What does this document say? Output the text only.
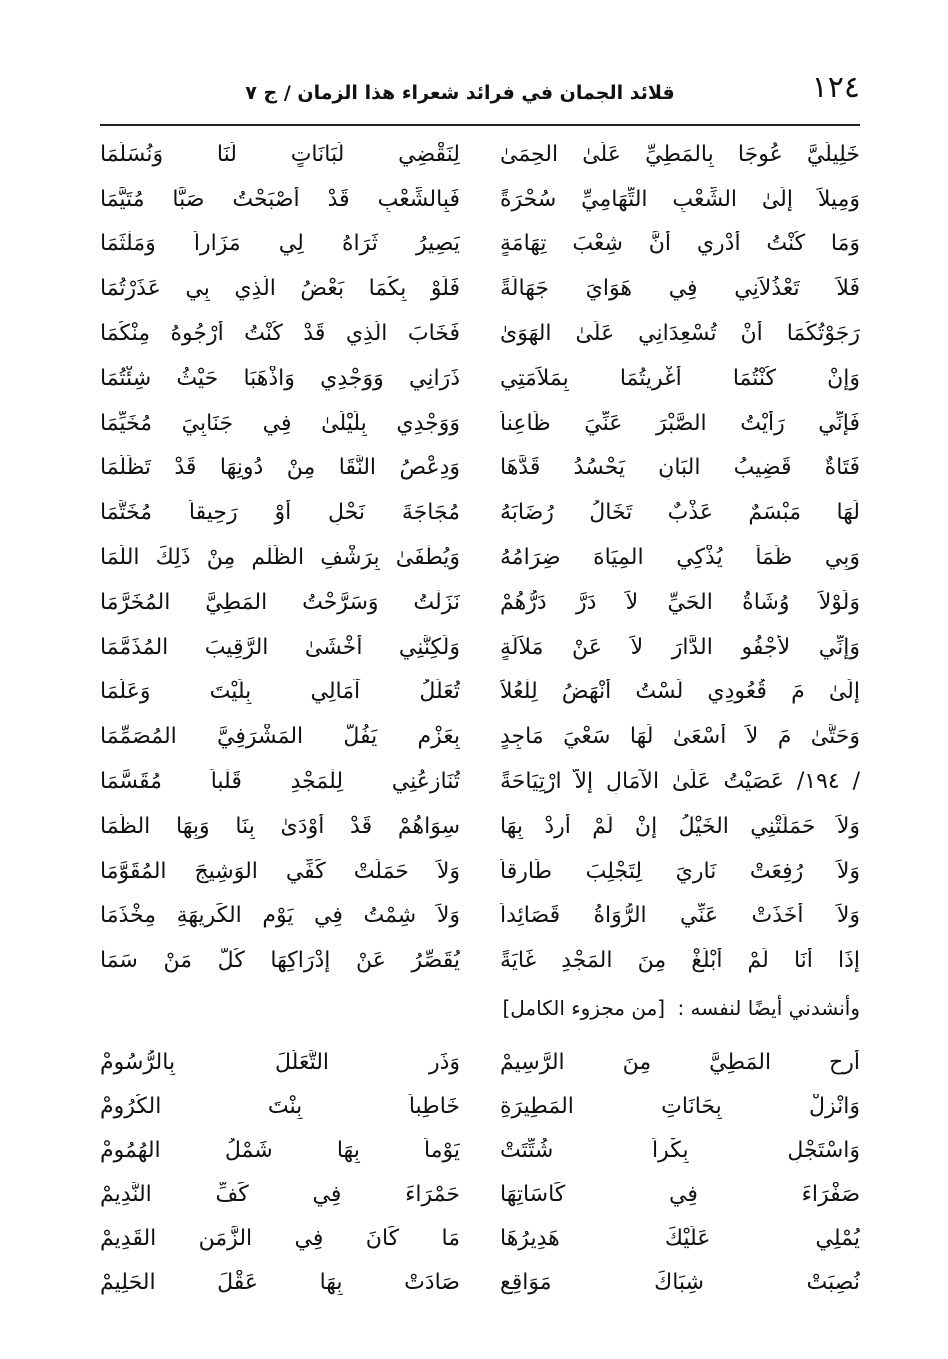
١٢٤
قلائد الجمان في فرائد شعراء هذا الزمان / ج ٧
خَلِيلَيَّ عُوجَا بِالمَطِيِّ عَلَىٰ الحِمَىٰ
لِنَقْضِي لُبَانَاتٍ لَنَا وَنُسَلِّمَا
وَمِيلاَ إِلَىٰ الشِّعْبِ التِّهَامِيِّ سُحْرَةً
فَبِالشِّعْبِ قَدْ أَصْبَحْتُ صَبًّا مُتَيَّمَا
وَمَا كُنْتُ أَدْرِي أَنَّ شِعْبَ تِهَامَةٍ
يَصِيرُ ثَرَاهُ لِي مَزَاراً وَمَلْثَمَا
فَلاَ تَعْذُلاَنِي فِي هَوَايَ جَهَالَةً
فَلَوْ بِكُمَا بَعْضُ الَّذِي بِي عَذَرْتُمَا
رَجَوْتُكُمَا أَنْ تُسْعِدَانِي عَلَىٰ الهَوَىٰ
فَخَابَ الَّذِي قَدْ كُنْتُ أَرْجُوهُ مِنْكُمَا
وَإِنْ كُنْتُمَا أُغْرِيتُمَا بِمَلاَمَتِي
ذَرَانِي وَوَجْدِي وَاذْهَبَا حَيْثُ شِئْتُمَا
فَإِنِّي رَأَيْتُ الصَّبْرَ عَنِّيَ ظَاعِناً
وَوَجْدِي بِلَيْلَىٰ فِي جَنَابِيَ مُخَيِّمَا
فَتَاةٌ قَضِيبُ البَانِ يَحْسُدُ قَدَّهَا
وَدِعْصُ النَّقَا مِنْ دُونِهَا قَدْ تَظَلَّمَا
لَهَا مَبْسَمٌ عَذْبٌ تَخَالُ رُضَابَهُ
مُجَاجَةَ نَحْلٍ أَوْ رَحِيقاً مُخَتَّمَا
وَبِي ظَمَأٌ يُذْكِي المِيَاهَ ضِرَامُهُ
وَيُطْفَىٰ بِرَشْفِ الظَّلْمِ مِنْ ذَلِكَ اللَّمَا
وَلَوْلاَ وُشَاةُ الحَيِّ لاَ دَرَّ دَرُّهُمْ
نَزَلْتُ وَسَرَّحْتُ المَطِيَّ المُخَرَّمَا
وَإِنِّي لأَجْفُو الدَّارَ لاَ عَنْ مَلاَلَةٍ
وَلَكِنَّنِي أَخْشَىٰ الرَّقِيبَ المُذَمَّمَا
إِلَىٰ مَ قُعُودِي لَسْتُ أَنْهَضُ لِلْعُلاَ
تُعَلِّلُ آمَالِي بِلَيْتَ وَعَلَّمَا
وَحَتَّىٰ مَ لاَ أَسْعَىٰ لَهَا سَعْيَ مَاجِدٍ
بِعَزْمٍ يَفُلُّ المَشْرَفِيَّ المُصَمِّمَا
/ ١٩٤/ عَصَيْتُ عَلَىٰ الآمَالِ إِلاَّ ارْتِيَاحَةً
تُنَازِعُنِي لِلْمَجْدِ قَلْباً مُقَسَّمَا
وَلاَ حَمَلَتْنِي الخَيْلُ إِنْ لَمْ أَرِدْ بِهَا
سِوَاهُمْ قَدْ أَوْدَىٰ بِنَا وَبِهَا الظَّمَا
وَلاَ رُفِعَتْ نَارِيَ لِتَجْلِبَ طَارِقاً
وَلاَ حَمَلَتْ كَفِّي الوَشِيجَ المُقَوَّمَا
وَلاَ أَخَذَتْ عَنِّي الرُّوَاةُ قَصَائِداً
وَلاَ شِمْتُ فِي يَوْمِ الكَرِيهَةِ مِخْذَمَا
إِذَا أَنَا لَمْ أَبْلُغْ مِنَ المَجْدِ غَايَةً
يُقَصِّرُ عَنْ إِدْرَاكِهَا كُلُّ مَنْ سَمَا
وأنشدني أيضًا لنفسه : [من مجزوء الكامل]
أَرِحِ المَطِيَّ مِنَ الرَّسِيمْ
وَذَرِ التَّعَلُّلَ بِالرُّسُومْ
وَانْزِلْ بِحَانَاتِ المَطِيرَةِ
خَاطِباً بِنْتَ الكُرُومْ
وَاسْتَجْلِ بِكْراً شُتِّتَتْ
يَوْماً بِهَا شَمْلُ الهُمُومْ
صَفْرَاءَ فِي كَاسَاتِهَا
حَمْرَاءَ فِي كَفِّ النَّدِيمْ
يُمْلِي عَلَيْكَ هَدِيرُهَا
مَا كَانَ فِي الزَّمَنِ القَدِيمْ
نُصِبَتْ شِبَاكَ مَوَاقِعٍ
صَادَتْ بِهَا عَقْلَ الحَلِيمْ
